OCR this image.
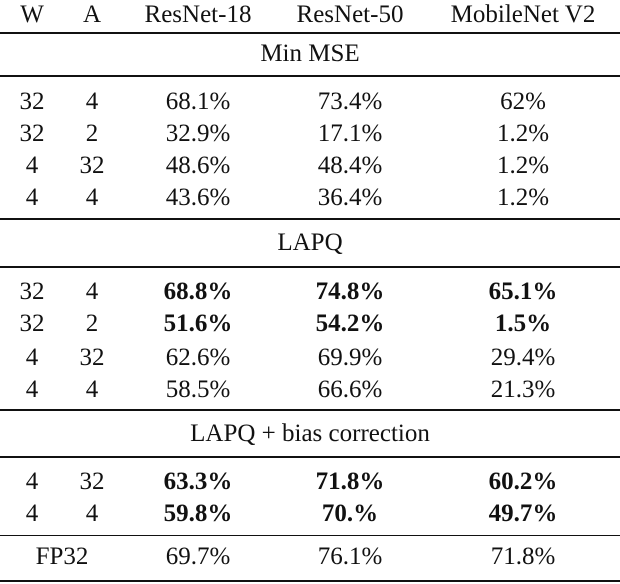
W	A	ResNet-18	ResNet-50	MobileNet V2
Min MSE
32	4	68.1%	73.4%	62%
32	2	32.9%	17.1%	1.2%
4	32	48.6%	48.4%	1.2%
4	4	43.6%	36.4%	1.2%
LAPQ
32	4	68.8%	74.8%	65.1%
32	2	51.6%	54.2%	1.5%
4	32	62.6%	69.9%	29.4%
4	4	58.5%	66.6%	21.3%
LAPQ + bias correction
4	32	63.3%	71.8%	60.2%
4	4	59.8%	70.%	49.7%
FP32	69.7%	76.1%	71.8%
